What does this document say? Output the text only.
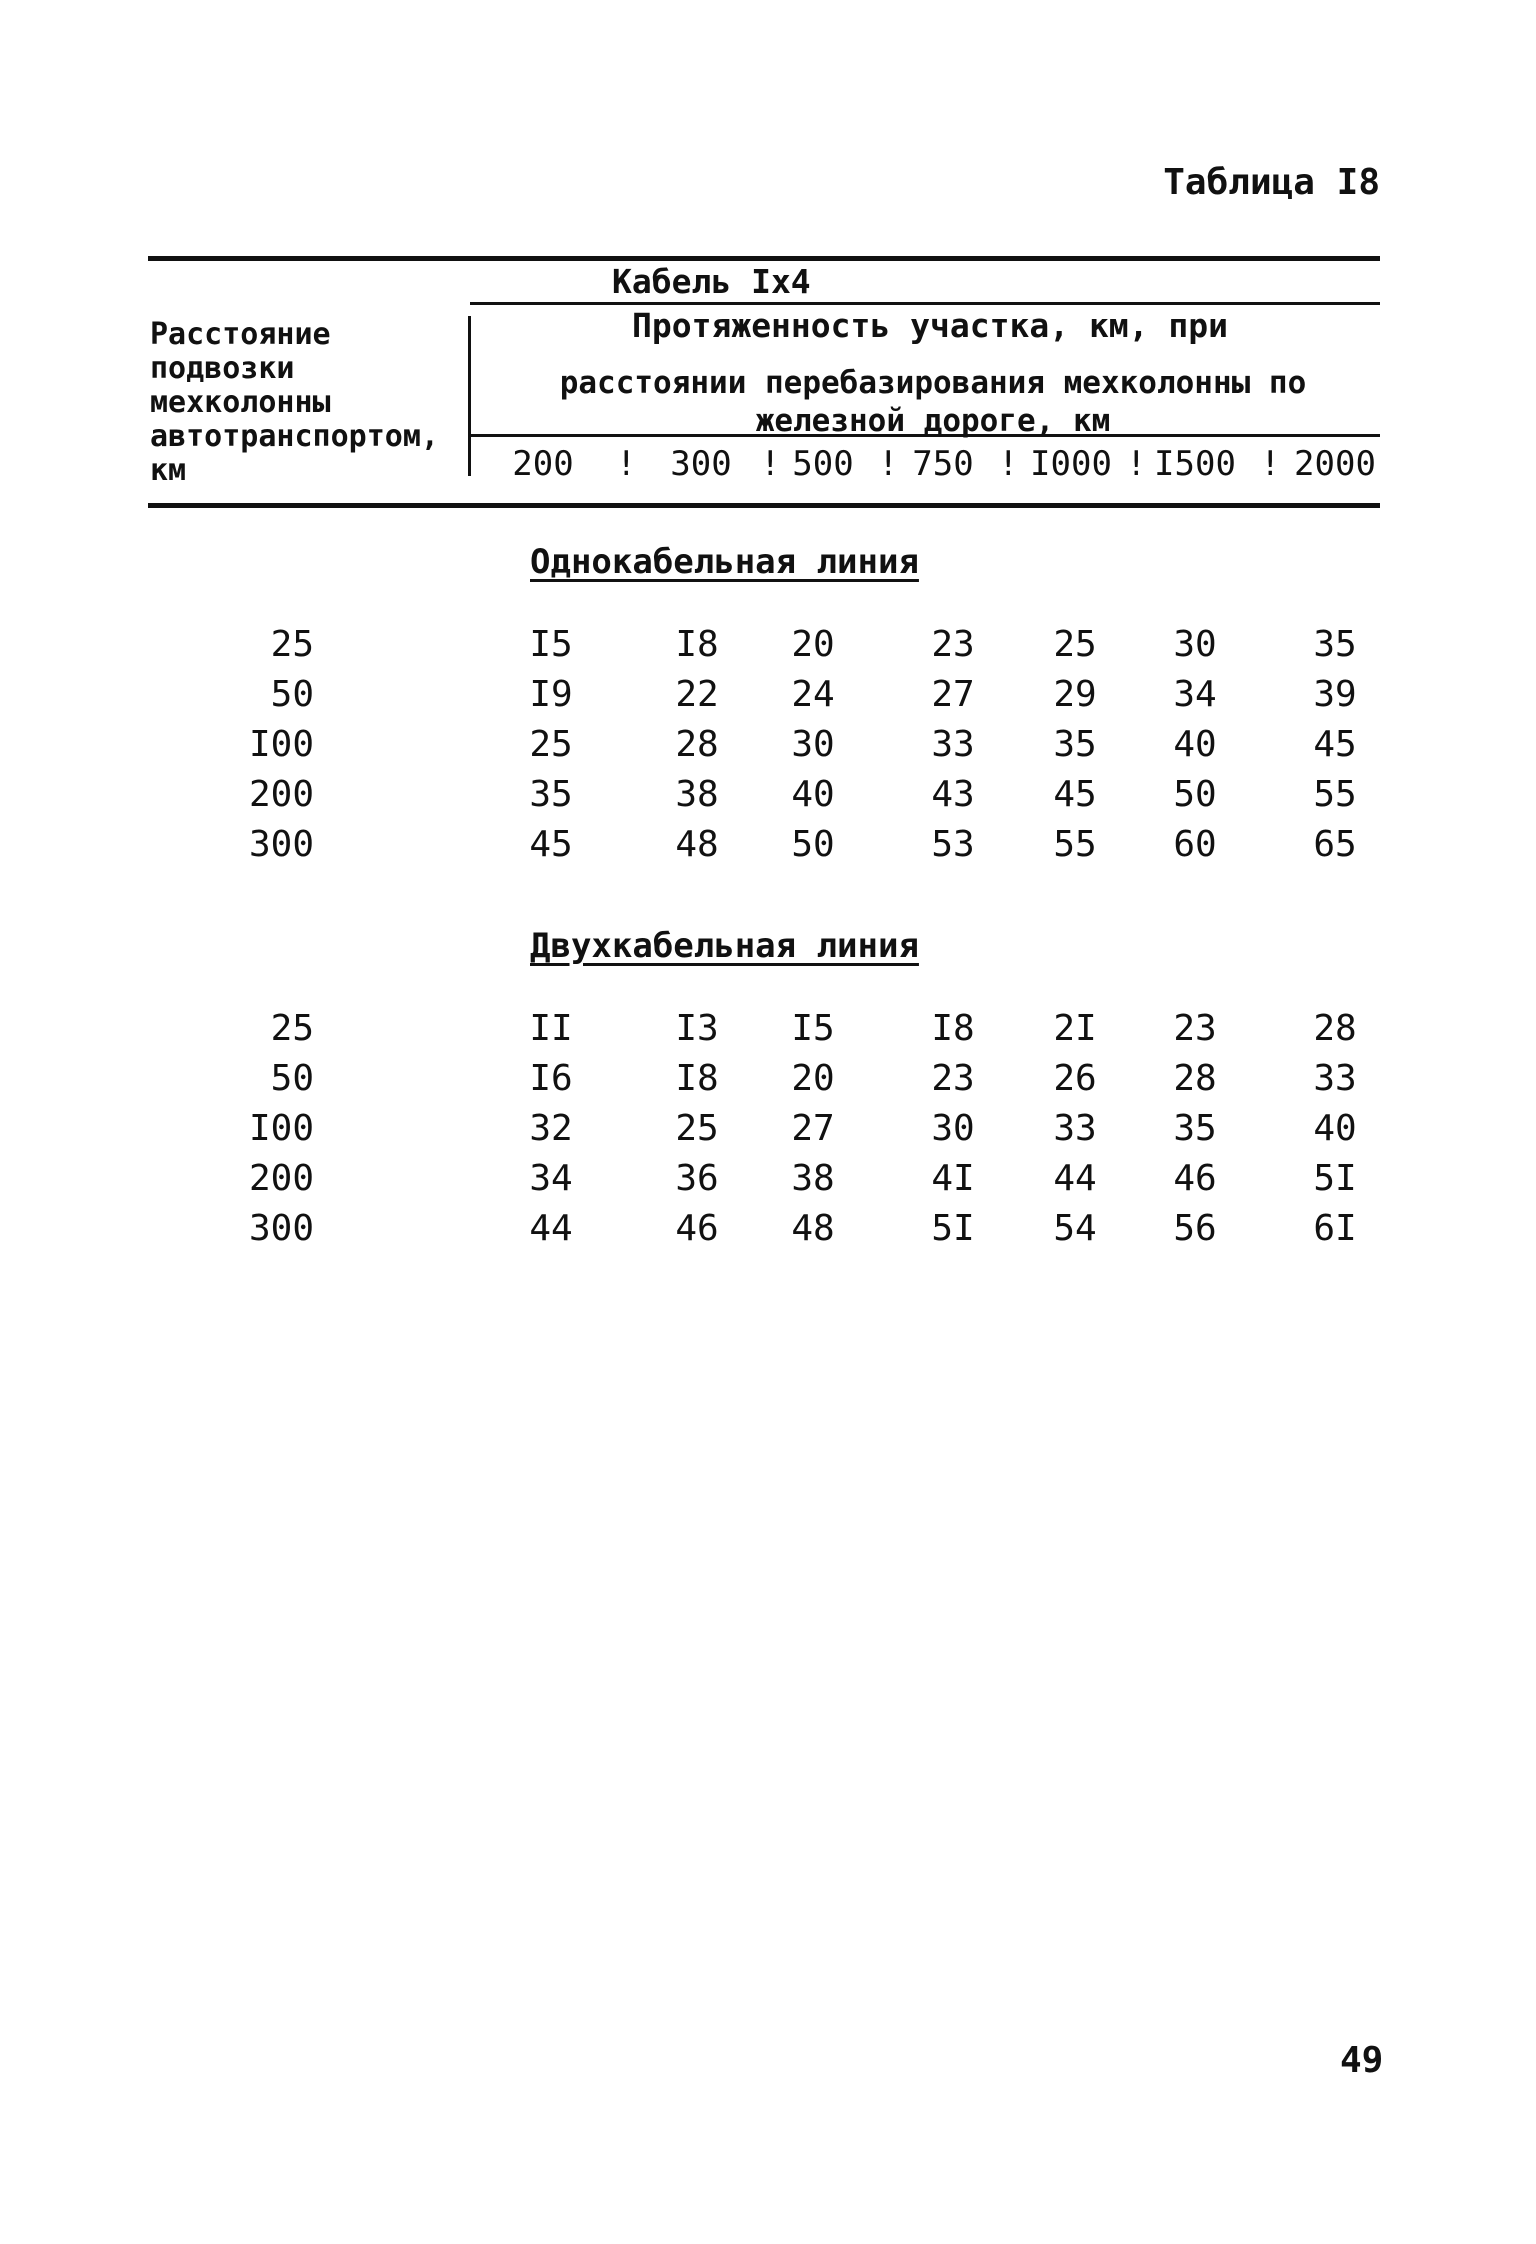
Таблица I8
Расстояние подвозки мехколонны автотранспортом, км
Кабель Iх4
Протяженность участка, км, при
расстоянии перебазирования мехколонны по железной дороге, км
200	! 300 ! 500 ! 750 ! I000 ! I500 ! 2000
Однокабельная линия
25	I5	I8	20	23	25	30	35
50	I9	22	24	27	29	34	39
I00	25	28	30	33	35	40	45
200	35	38	40	43	45	50	55
300	45	48	50	53	55	60	65
Двухкабельная линия
25	II	I3	I5	I8	2I	23	28
50	I6	I8	20	23	26	28	33
I00	32	25	27	30	33	35	40
200	34	36	38	4I	44	46	5I
300	44	46	48	5I	54	56	6I
49
